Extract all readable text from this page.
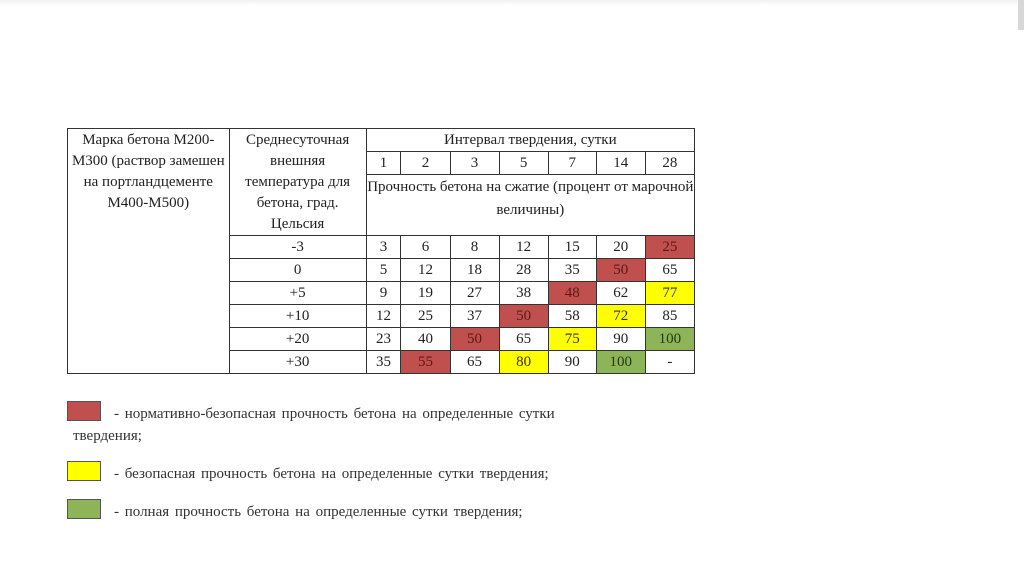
Марка бетона М200-М300 (раствор замешен на портландцементе М400-М500)	Среднесуточная внешняя температура для бетона, град. Цельсия	Интервал твердения, сутки						
		1	2	3	5	7	14	28
		Прочность бетона на сжатие (процент от марочной величины)						

	-3	3	6	8	12	15	20	25
	0	5	12	18	28	35	50	65
	+5	9	19	27	38	48	62	77
	+10	12	25	37	50	58	72	85
	+20	23	40	50	65	75	90	100
	+30	35	55	65	80	90	100	-
- нормативно-безопасная прочность бетона на определенные сутки
твердения;
- безопасная прочность бетона на определенные сутки твердения;
- полная прочность бетона на определенные сутки твердения;
